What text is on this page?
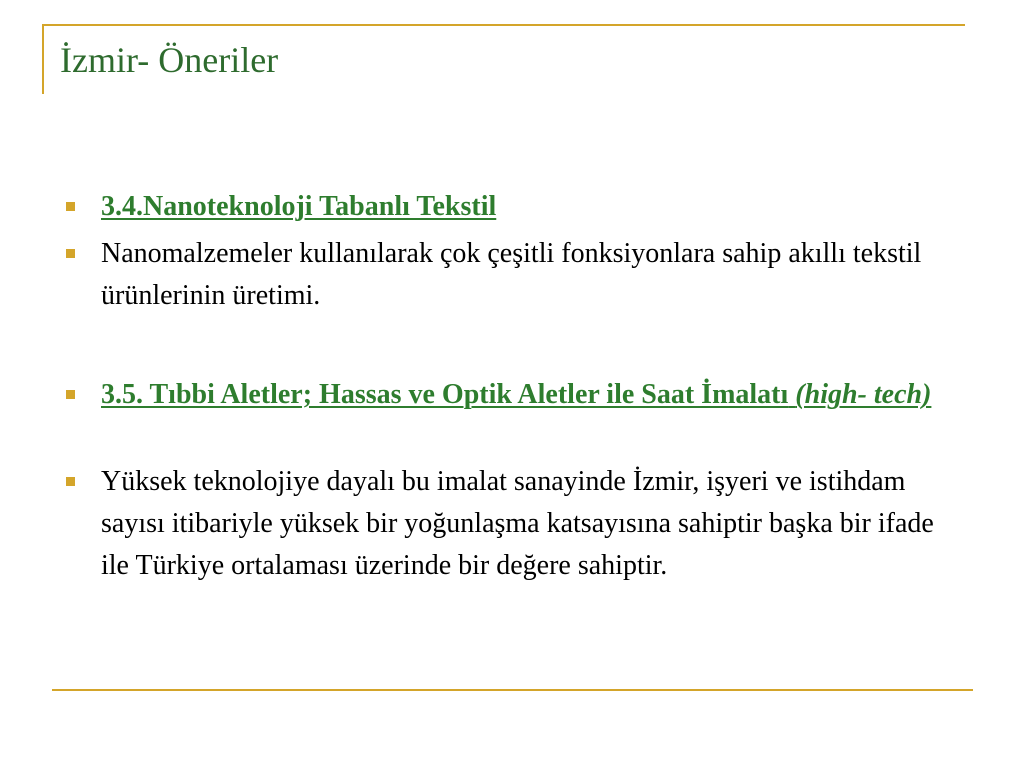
İzmir- Öneriler
3.4.Nanoteknoloji Tabanlı Tekstil
Nanomalzemeler kullanılarak çok çeşitli fonksiyonlara sahip akıllı tekstil ürünlerinin üretimi.
3.5. Tıbbi Aletler; Hassas ve Optik Aletler ile Saat İmalatı (high- tech)
Yüksek teknolojiye dayalı bu imalat sanayinde İzmir, işyeri ve istihdam sayısı itibariyle yüksek bir yoğunlaşma katsayısına sahiptir başka bir ifade ile Türkiye ortalaması üzerinde bir değere sahiptir.
